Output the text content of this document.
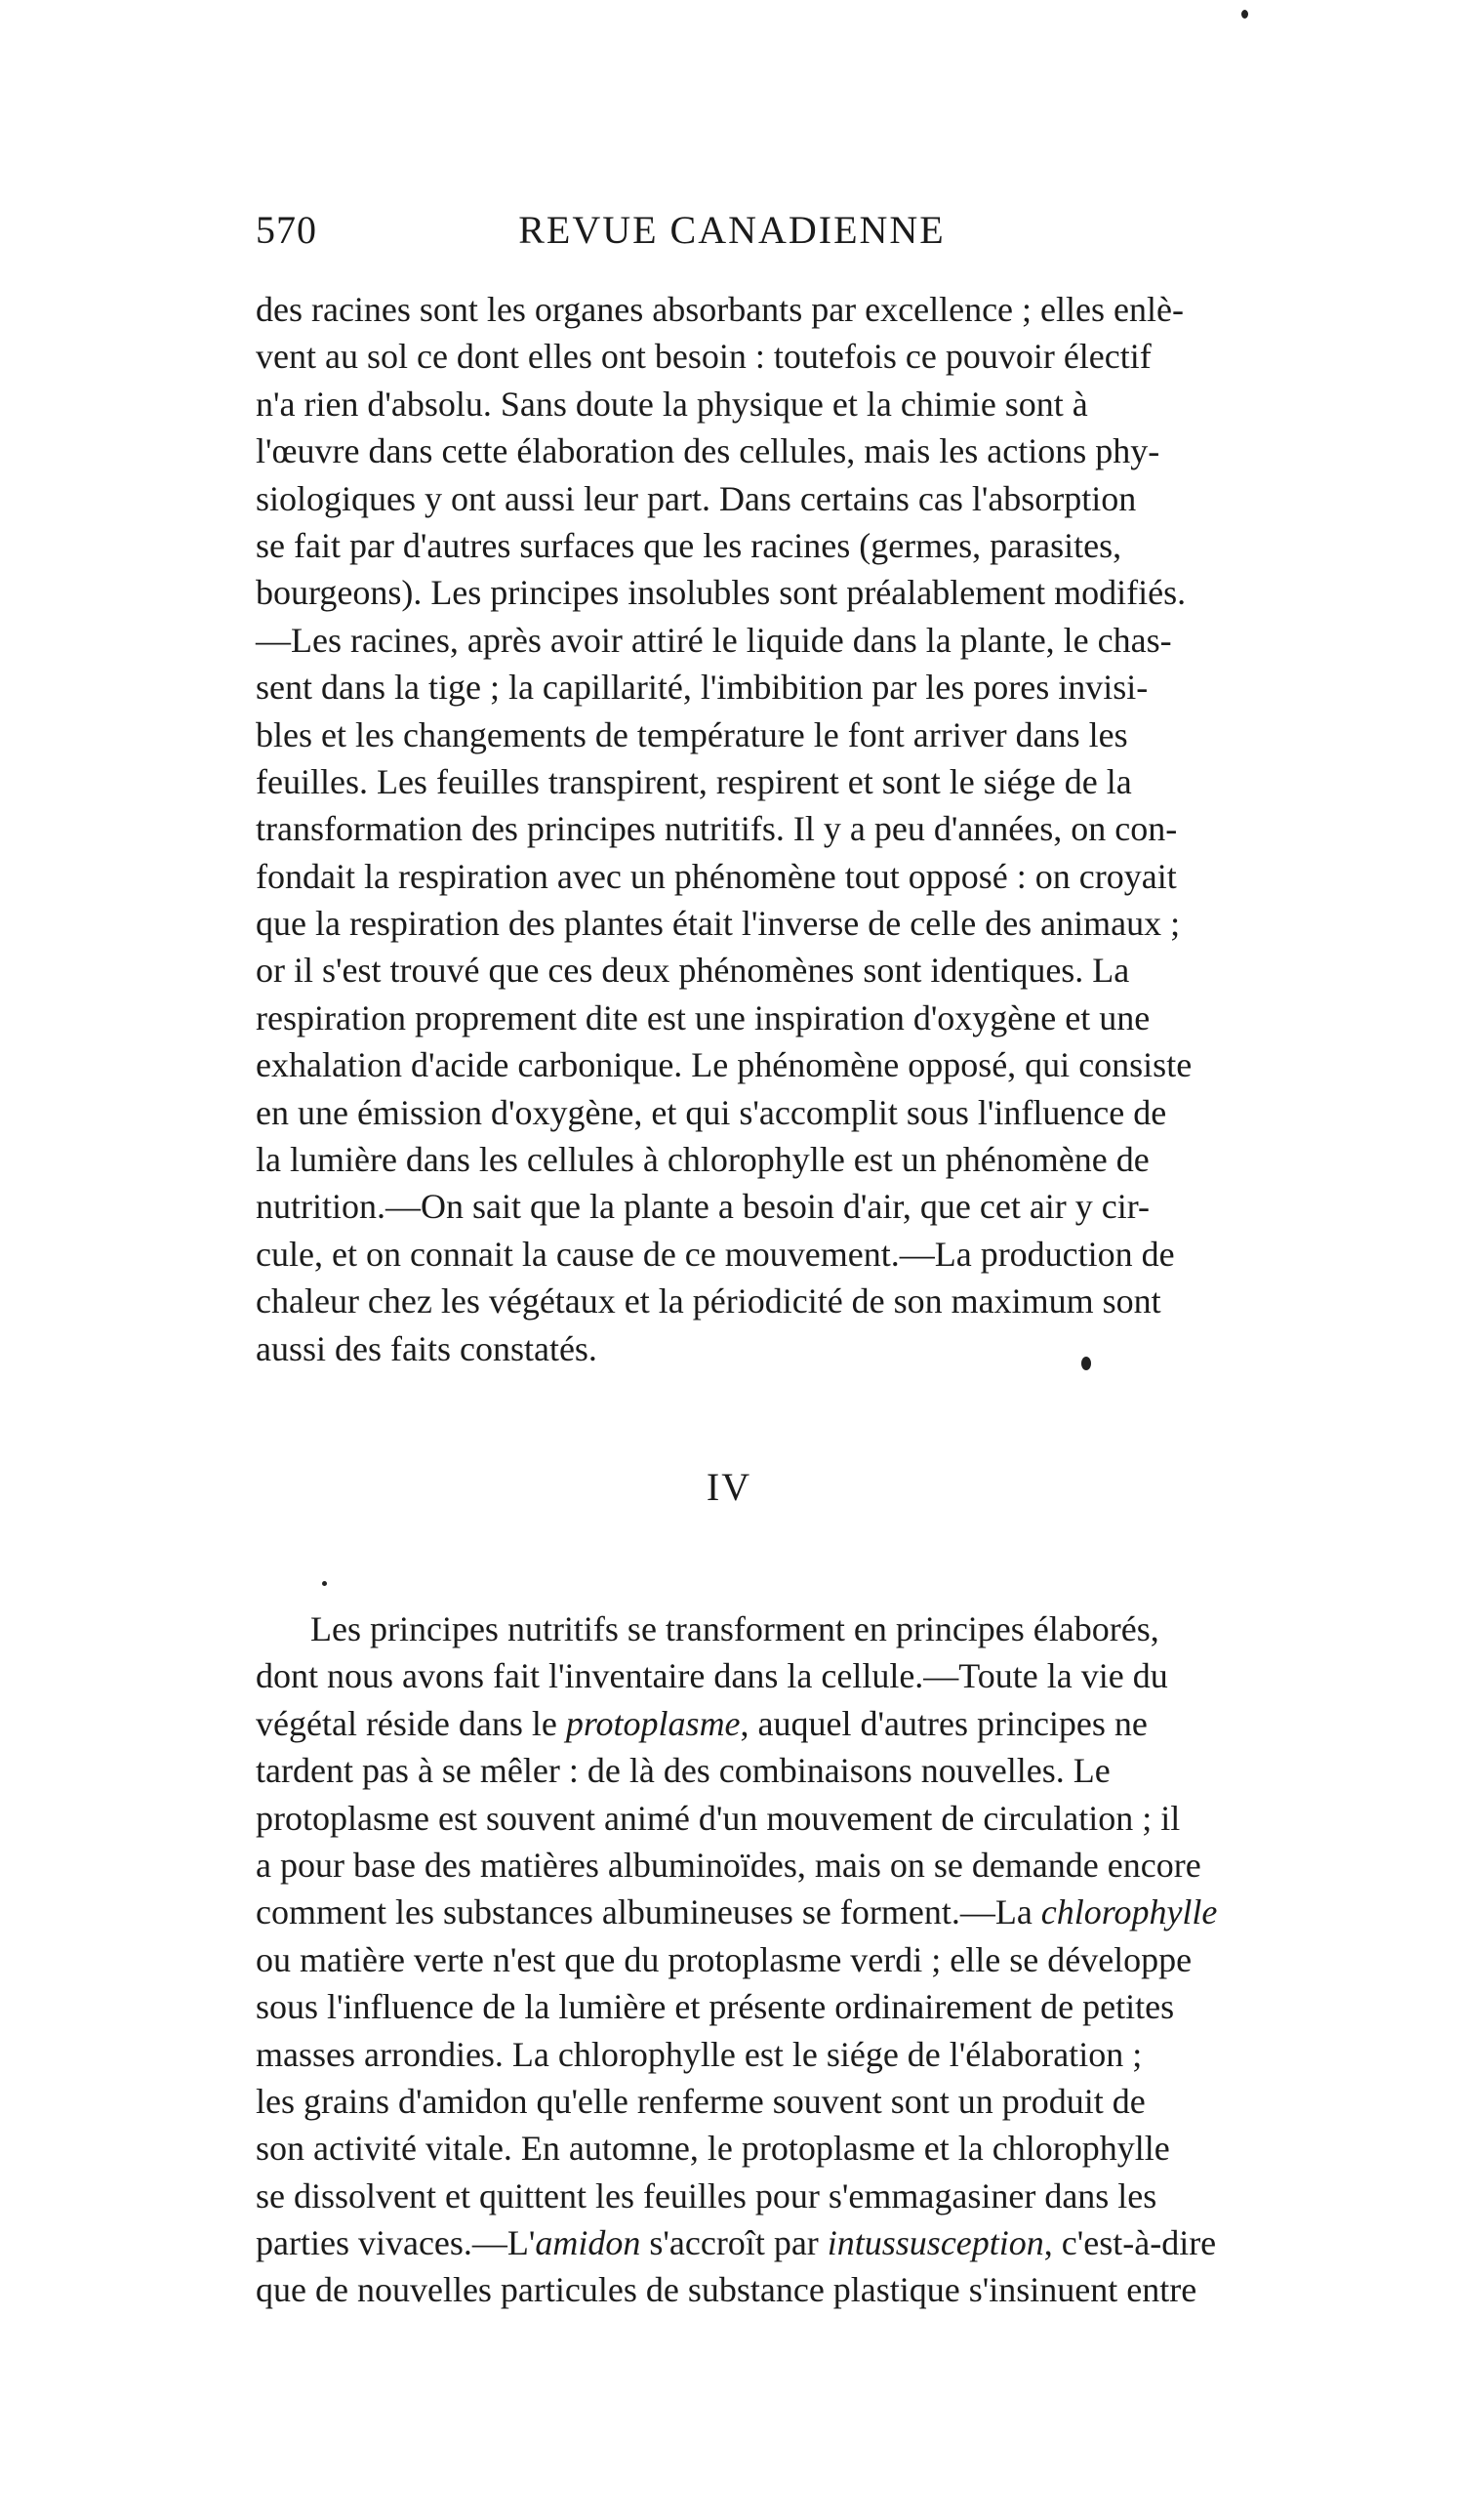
570	REVUE CANADIENNE
des racines sont les organes absorbants par excellence ; elles enlè-
vent au sol ce dont elles ont besoin : toutefois ce pouvoir électif
n'a rien d'absolu. Sans doute la physique et la chimie sont à
l'œuvre dans cette élaboration des cellules, mais les actions phy-
siologiques y ont aussi leur part. Dans certains cas l'absorption
se fait par d'autres surfaces que les racines (germes, parasites,
bourgeons). Les principes insolubles sont préalablement modifiés.
—Les racines, après avoir attiré le liquide dans la plante, le chas-
sent dans la tige ; la capillarité, l'imbibition par les pores invisi-
bles et les changements de température le font arriver dans les
feuilles. Les feuilles transpirent, respirent et sont le siége de la
transformation des principes nutritifs. Il y a peu d'années, on con-
fondait la respiration avec un phénomène tout opposé : on croyait
que la respiration des plantes était l'inverse de celle des animaux ;
or il s'est trouvé que ces deux phénomènes sont identiques. La
respiration proprement dite est une inspiration d'oxygène et une
exhalation d'acide carbonique. Le phénomène opposé, qui consiste
en une émission d'oxygène, et qui s'accomplit sous l'influence de
la lumière dans les cellules à chlorophylle est un phénomène de
nutrition.—On sait que la plante a besoin d'air, que cet air y cir-
cule, et on connait la cause de ce mouvement.—La production de
chaleur chez les végétaux et la périodicité de son maximum sont
aussi des faits constatés.
IV
Les principes nutritifs se transforment en principes élaborés,
dont nous avons fait l'inventaire dans la cellule.—Toute la vie du
végétal réside dans le protoplasme, auquel d'autres principes ne
tardent pas à se mêler : de là des combinaisons nouvelles. Le
protoplasme est souvent animé d'un mouvement de circulation ; il
a pour base des matières albuminoïdes, mais on se demande encore
comment les substances albumineuses se forment.—La chlorophylle
ou matière verte n'est que du protoplasme verdi ; elle se développe
sous l'influence de la lumière et présente ordinairement de petites
masses arrondies. La chlorophylle est le siége de l'élaboration ;
les grains d'amidon qu'elle renferme souvent sont un produit de
son activité vitale. En automne, le protoplasme et la chlorophylle
se dissolvent et quittent les feuilles pour s'emmagasiner dans les
parties vivaces.—L'amidon s'accroît par intussusception, c'est-à-dire
que de nouvelles particules de substance plastique s'insinuent entre
